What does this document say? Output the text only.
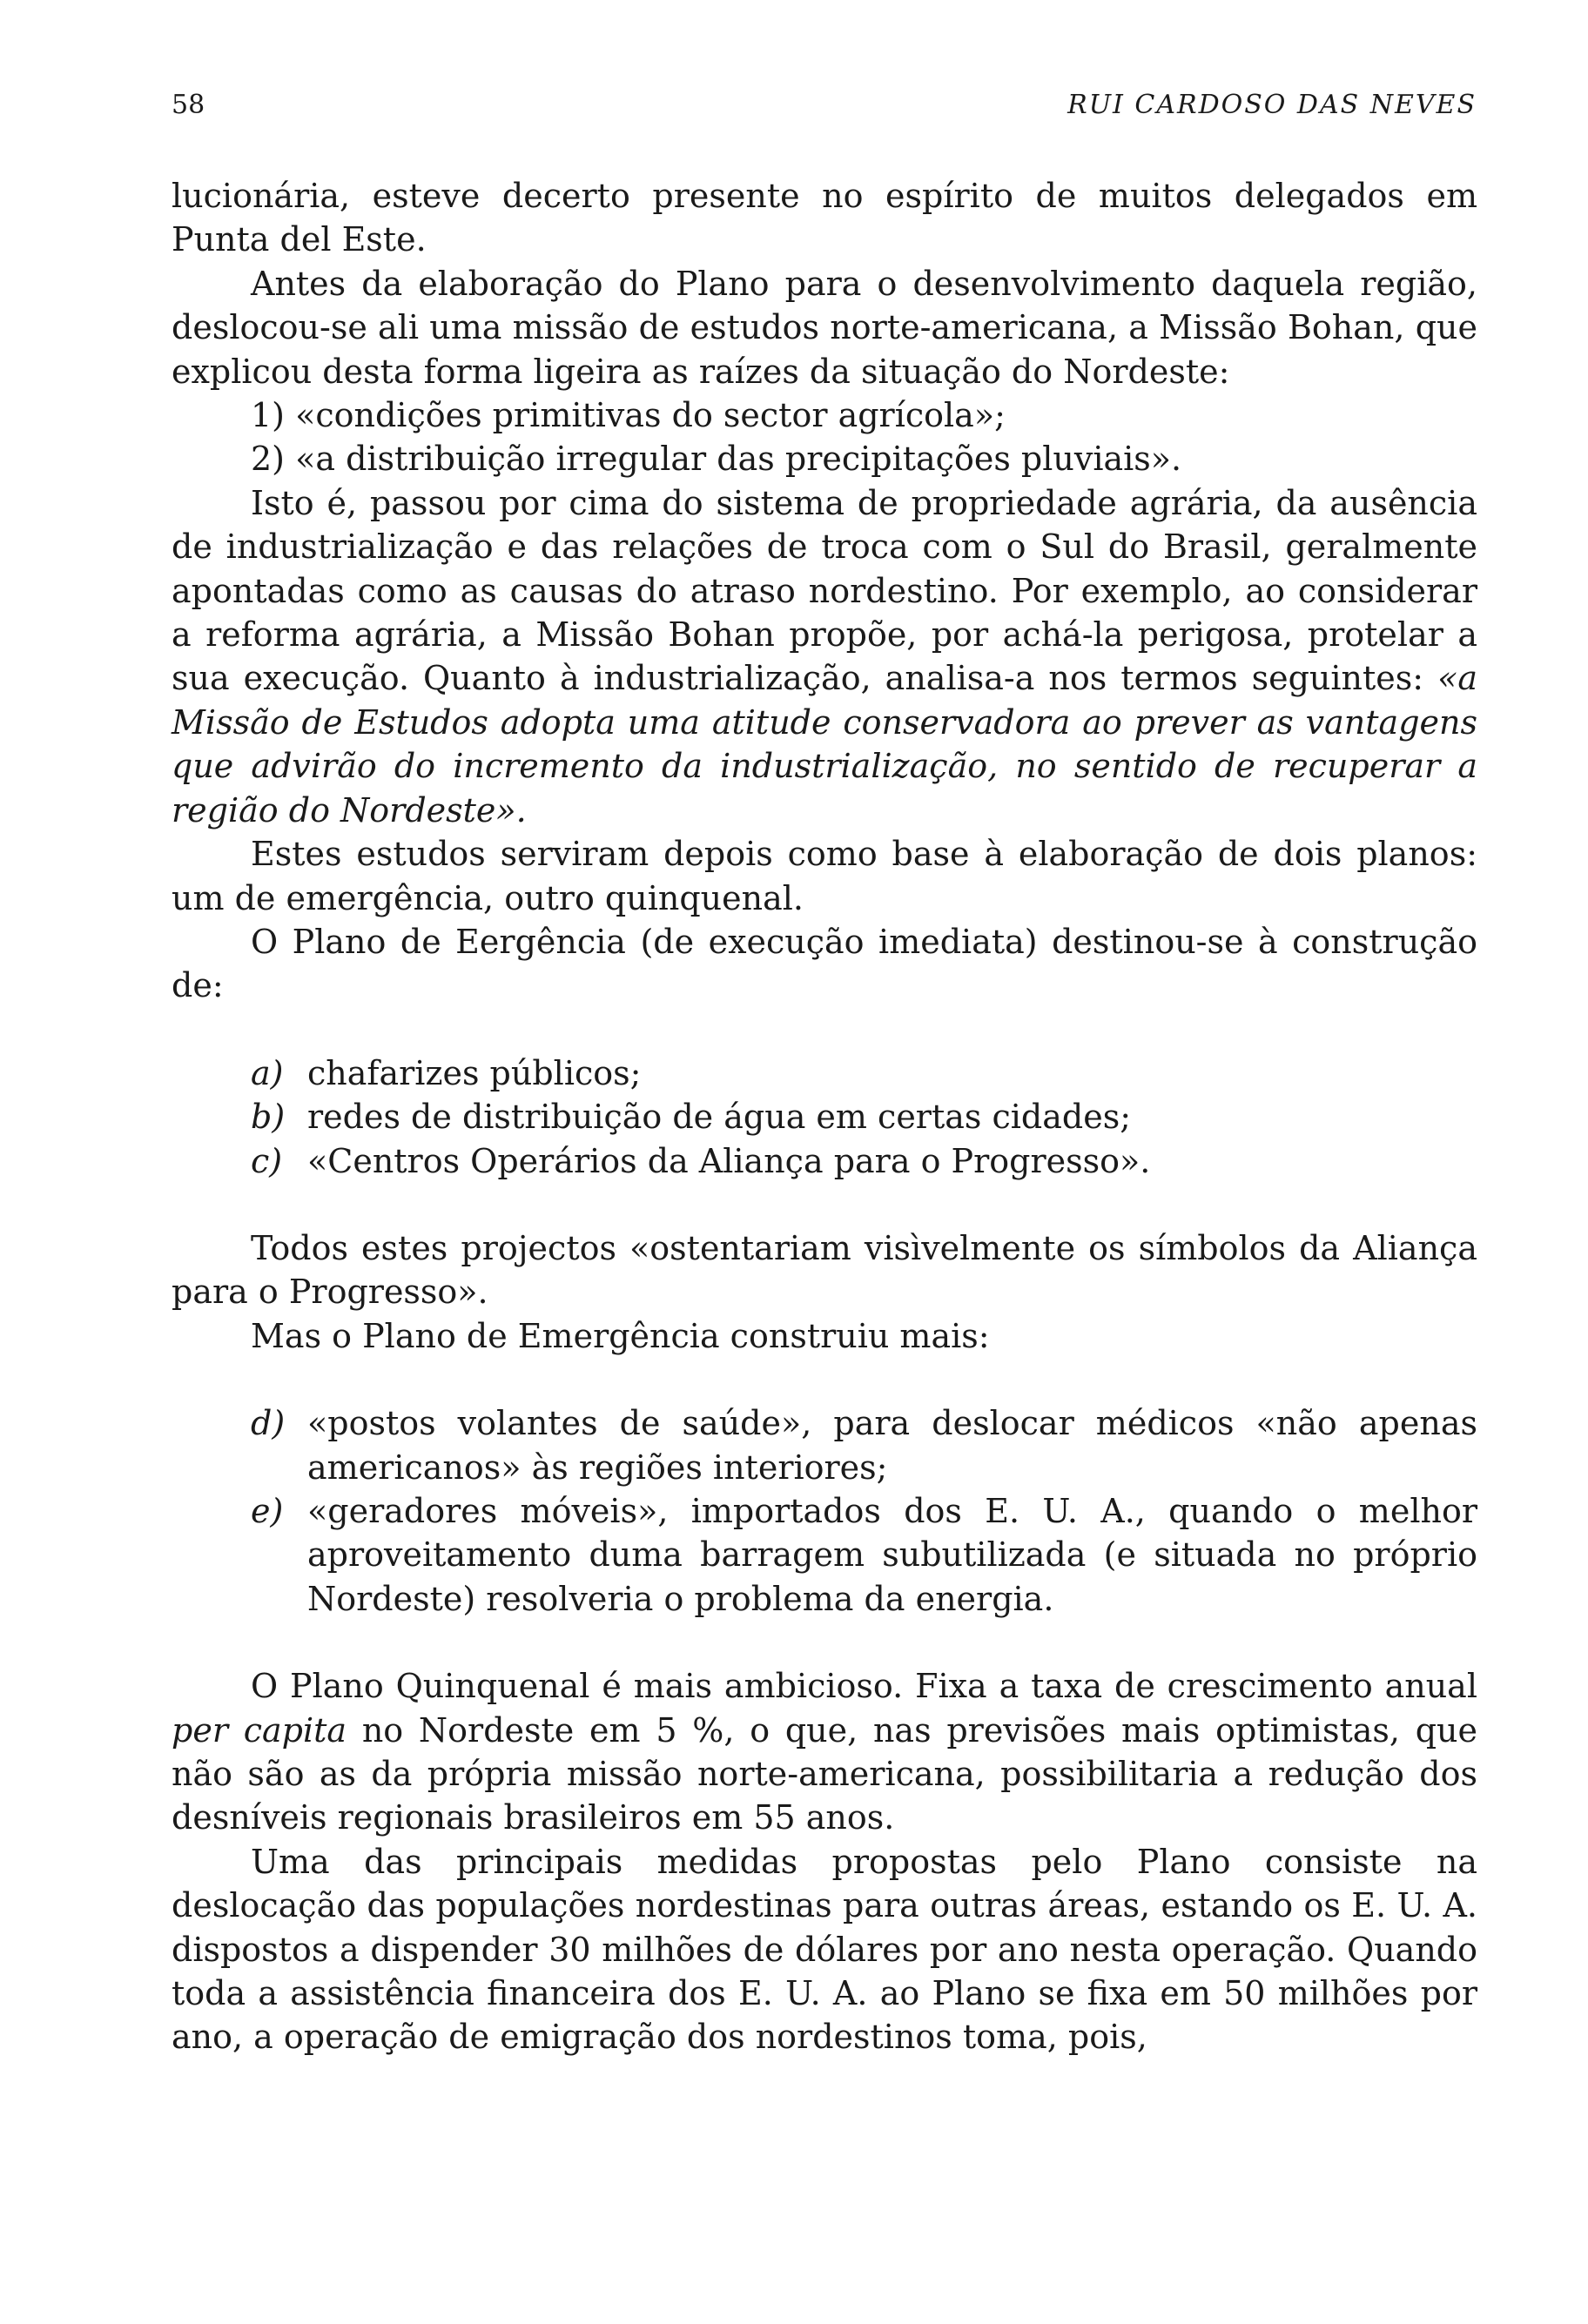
58	RUI CARDOSO DAS NEVES

lucionária, esteve decerto presente no espírito de muitos delegados em Punta del Este.

Antes da elaboração do Plano para o desenvolvimento daquela região, deslocou-se ali uma missão de estudos norte-americana, a Missão Bohan, que explicou desta forma ligeira as raízes da situação do Nordeste:

1) «condições primitivas do sector agrícola»;
2) «a distribuição irregular das precipitações pluviais».

Isto é, passou por cima do sistema de propriedade agrária, da ausência de industrialização e das relações de troca com o Sul do Brasil, geralmente apontadas como as causas do atraso nordestino. Por exemplo, ao considerar a reforma agrária, a Missão Bohan propõe, por achá-la perigosa, protelar a sua execução. Quanto à industrialização, analisa-a nos termos seguintes: «a Missão de Estudos adopta uma atitude conservadora ao prever as vantagens que advirão do incremento da industrialização, no sentido de recuperar a região do Nordeste».

Estes estudos serviram depois como base à elaboração de dois planos: um de emergência, outro quinquenal.

O Plano de Eergência (de execução imediata) destinou-se à construção de:

a) chafarizes públicos;
b) redes de distribuição de água em certas cidades;
c) «Centros Operários da Aliança para o Progresso».

Todos estes projectos «ostentariam visìvelmente os símbolos da Aliança para o Progresso».

Mas o Plano de Emergência construiu mais:

d) «postos volantes de saúde», para deslocar médicos «não apenas americanos» às regiões interiores;
e) «geradores móveis», importados dos E. U. A., quando o melhor aproveitamento duma barragem subutilizada (e situada no próprio Nordeste) resolveria o problema da energia.

O Plano Quinquenal é mais ambicioso. Fixa a taxa de crescimento anual per capita no Nordeste em 5 %, o que, nas previsões mais optimistas, que não são as da própria missão norte-americana, possibilitaria a redução dos desníveis regionais brasileiros em 55 anos.

Uma das principais medidas propostas pelo Plano consiste na deslocação das populações nordestinas para outras áreas, estando os E. U. A. dispostos a dispender 30 milhões de dólares por ano nesta operação. Quando toda a assistência financeira dos E. U. A. ao Plano se fixa em 50 milhões por ano, a operação de emigração dos nordestinos toma, pois,
